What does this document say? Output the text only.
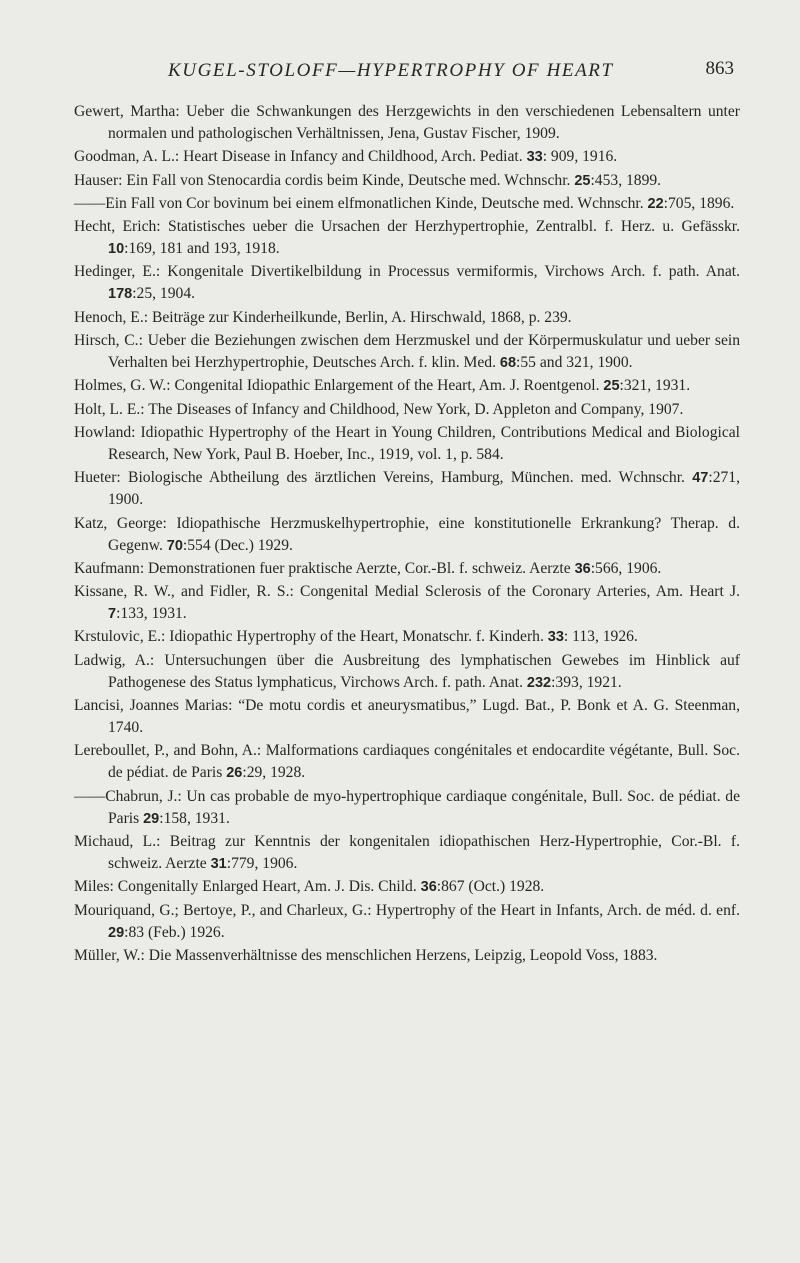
KUGEL-STOLOFF—HYPERTROPHY OF HEART	863
Gewert, Martha: Ueber die Schwankungen des Herzgewichts in den verschiedenen Lebensaltern unter normalen und pathologischen Verhältnissen, Jena, Gustav Fischer, 1909.
Goodman, A. L.: Heart Disease in Infancy and Childhood, Arch. Pediat. 33: 909, 1916.
Hauser: Ein Fall von Stenocardia cordis beim Kinde, Deutsche med. Wchnschr. 25:453, 1899.
——Ein Fall von Cor bovinum bei einem elfmonatlichen Kinde, Deutsche med. Wchnschr. 22:705, 1896.
Hecht, Erich: Statistisches ueber die Ursachen der Herzhypertrophie, Zentralbl. f. Herz. u. Gefässkr. 10:169, 181 and 193, 1918.
Hedinger, E.: Kongenitale Divertikelbildung in Processus vermiformis, Virchows Arch. f. path. Anat. 178:25, 1904.
Henoch, E.: Beiträge zur Kinderheilkunde, Berlin, A. Hirschwald, 1868, p. 239.
Hirsch, C.: Ueber die Beziehungen zwischen dem Herzmuskel und der Körpermuskulatur und ueber sein Verhalten bei Herzhypertrophie, Deutsches Arch. f. klin. Med. 68:55 and 321, 1900.
Holmes, G. W.: Congenital Idiopathic Enlargement of the Heart, Am. J. Roentgenol. 25:321, 1931.
Holt, L. E.: The Diseases of Infancy and Childhood, New York, D. Appleton and Company, 1907.
Howland: Idiopathic Hypertrophy of the Heart in Young Children, Contributions Medical and Biological Research, New York, Paul B. Hoeber, Inc., 1919, vol. 1, p. 584.
Hueter: Biologische Abtheilung des ärztlichen Vereins, Hamburg, München. med. Wchnschr. 47:271, 1900.
Katz, George: Idiopathische Herzmuskelhypertrophie, eine konstitutionelle Erkrankung? Therap. d. Gegenw. 70:554 (Dec.) 1929.
Kaufmann: Demonstrationen fuer praktische Aerzte, Cor.-Bl. f. schweiz. Aerzte 36:566, 1906.
Kissane, R. W., and Fidler, R. S.: Congenital Medial Sclerosis of the Coronary Arteries, Am. Heart J. 7:133, 1931.
Krstulovic, E.: Idiopathic Hypertrophy of the Heart, Monatschr. f. Kinderh. 33: 113, 1926.
Ladwig, A.: Untersuchungen über die Ausbreitung des lymphatischen Gewebes im Hinblick auf Pathogenese des Status lymphaticus, Virchows Arch. f. path. Anat. 232:393, 1921.
Lancisi, Joannes Marias: “De motu cordis et aneurysmatibus,” Lugd. Bat., P. Bonk et A. G. Steenman, 1740.
Lereboullet, P., and Bohn, A.: Malformations cardiaques congénitales et endocardite végétante, Bull. Soc. de pédiat. de Paris 26:29, 1928.
——Chabrun, J.: Un cas probable de myo-hypertrophique cardiaque congénitale, Bull. Soc. de pédiat. de Paris 29:158, 1931.
Michaud, L.: Beitrag zur Kenntnis der kongenitalen idiopathischen Herz-Hypertrophie, Cor.-Bl. f. schweiz. Aerzte 31:779, 1906.
Miles: Congenitally Enlarged Heart, Am. J. Dis. Child. 36:867 (Oct.) 1928.
Mouriquand, G.; Bertoye, P., and Charleux, G.: Hypertrophy of the Heart in Infants, Arch. de méd. d. enf. 29:83 (Feb.) 1926.
Müller, W.: Die Massenverhältnisse des menschlichen Herzens, Leipzig, Leopold Voss, 1883.
